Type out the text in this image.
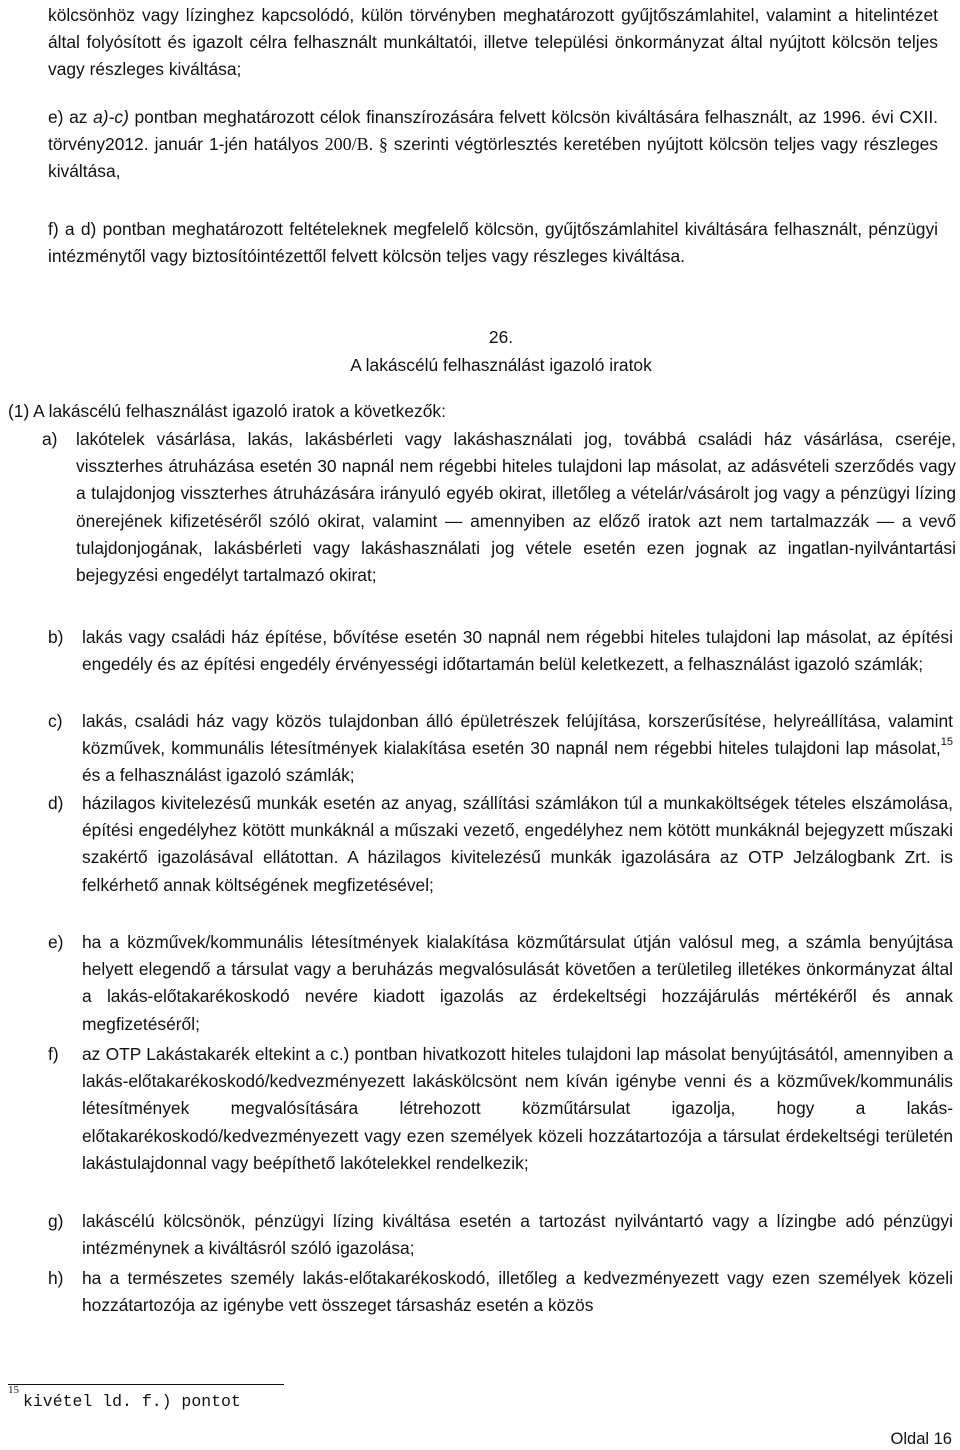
kölcsönhöz vagy lízinghez kapcsolódó, külön törvényben meghatározott gyűjtőszámlahitel, valamint a hitelintézet által folyósított és igazolt célra felhasznált munkáltatói, illetve települési önkormányzat által nyújtott kölcsön teljes vagy részleges kiváltása;

e) az a)-c) pontban meghatározott célok finanszírozására felvett kölcsön kiváltására felhasznált, az 1996. évi CXII. törvény2012. január 1-jén hatályos 200/B. § szerinti végtörlesztés keretében nyújtott kölcsön teljes vagy részleges kiváltása,

f) a d) pontban meghatározott feltételeknek megfelelő kölcsön, gyűjtőszámlahitel kiváltására felhasznált, pénzügyi intézménytől vagy biztosítóintézettől felvett kölcsön teljes vagy részleges kiváltása.

26.

A lakáscélú felhasználást igazoló iratok

(1) A lakáscélú felhasználást igazoló iratok a következők:

a) lakótelek vásárlása, lakás, lakásbérleti vagy lakáshasználati jog, továbbá családi ház vásárlása, cseréje, visszterhes átruházása esetén 30 napnál nem régebbi hiteles tulajdoni lap másolat, az adásvételi szerződés vagy a tulajdonjog visszterhes átruházására irányuló egyéb okirat, illetőleg a vételár/vásárolt jog vagy a pénzügyi lízing önerejének kifizetéséről szóló okirat, valamint — amennyiben az előző iratok azt nem tartalmazzák — a vevő tulajdonjogának, lakásbérleti vagy lakáshasználati jog vétele esetén ezen jognak az ingatlan-nyilvántartási bejegyzési engedélyt tartalmazó okirat;
b) lakás vagy családi ház építése, bővítése esetén 30 napnál nem régebbi hiteles tulajdoni lap másolat, az építési engedély és az építési engedély érvényességi időtartamán belül keletkezett, a felhasználást igazoló számlák;
c) lakás, családi ház vagy közös tulajdonban álló épületrészek felújítása, korszerűsítése, helyreállítása, valamint közművek, kommunális létesítmények kialakítása esetén 30 napnál nem régebbi hiteles tulajdoni lap másolat,$^{15}$ és a felhasználást igazoló számlák;
d) házilagos kivitelezésű munkák esetén az anyag, szállítási számlákon túl a munkaköltségek tételes elszámolása, építési engedélyhez kötött munkáknál a műszaki vezető, engedélyhez nem kötött munkáknál bejegyzett műszaki szakértő igazolásával ellátottan. A házilagos kivitelezésű munkák igazolására az OTP Jelzálogbank Zrt. is felkérhető annak költségének megfizetésével;
e) ha a közművek/kommunális létesítmények kialakítása közműtársulat útján valósul meg, a számla benyújtása helyett elegendő a társulat vagy a beruházás megvalósulását követően a területileg illetékes önkormányzat által a lakás-előtakarékoskodó nevére kiadott igazolás az érdekeltségi hozzájárulás mértékéről és annak megfizetéséről;
f) az OTP Lakástakarék eltekint a c.) pontban hivatkozott hiteles tulajdoni lap másolat benyújtásától, amennyiben a lakás-előtakarékoskodó/kedvezményezett lakáskölcsönt nem kíván igénybe venni és a közművek/kommunális létesítmények megvalósítására létrehozott közműtársulat igazolja, hogy a lakás-előtakarékoskodó/kedvezményezett vagy ezen személyek közeli hozzátartozója a társulat érdekeltségi területén lakástulajdonnal vagy beépíthető lakótelekkel rendelkezik;
g) lakáscélú kölcsönök, pénzügyi lízing kiváltása esetén a tartozást nyilvántartó vagy a lízingbe adó pénzügyi intézménynek a kiváltásról szóló igazolása;
h) ha a természetes személy lakás-előtakarékoskodó, illetőleg a kedvezményezett vagy ezen személyek közeli hozzátartozója az igénybe vett összeget társasház esetén a közös
$^{15}$kivétel ld. f.) pontot
Oldal 16
